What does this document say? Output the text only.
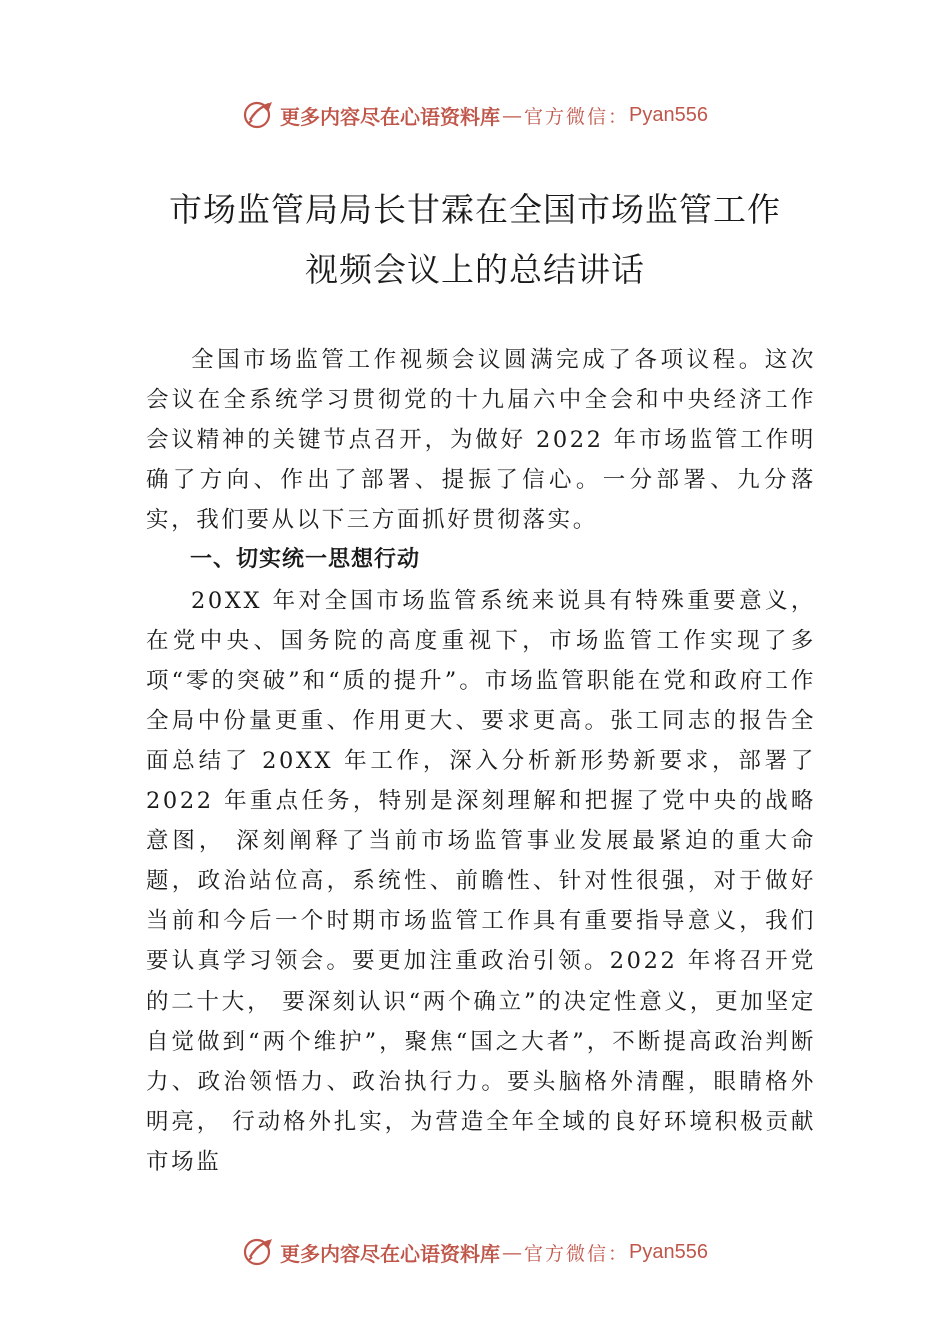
更多内容尽在心语资料库 — 官方微信： Pyan556
市场监管局局长甘霖在全国市场监管工作
视频会议上的总结讲话

全国市场监管工作视频会议圆满完成了各项议程。这次会议在全系统学习贯彻党的十九届六中全会和中央经济工作会议精神的关键节点召开，为做好 2022 年市场监管工作明确了方向、作出了部署、提振了信心。一分部署、九分落实，我们要从以下三方面抓好贯彻落实。

一、切实统一思想行动

20XX 年对全国市场监管系统来说具有特殊重要意义，在党中央、国务院的高度重视下，市场监管工作实现了多项“零的突破”和“质的提升”。市场监管职能在党和政府工作全局中份量更重、作用更大、要求更高。张工同志的报告全面总结了 20XX 年工作，深入分析新形势新要求，部署了 2022 年重点任务，特别是深刻理解和把握了党中央的战略意图， 深刻阐释了当前市场监管事业发展最紧迫的重大命题，政治站位高，系统性、前瞻性、针对性很强，对于做好当前和今后一个时期市场监管工作具有重要指导意义，我们要认真学习领会。要更加注重政治引领。2022 年将召开党的二十大， 要深刻认识“两个确立”的决定性意义，更加坚定自觉做到“两个维护”，聚焦“国之大者”，不断提高政治判断力、政治领悟力、政治执行力。要头脑格外清醒，眼睛格外明亮， 行动格外扎实，为营造全年全域的良好环境积极贡献市场监

更多内容尽在心语资料库 — 官方微信： Pyan556
